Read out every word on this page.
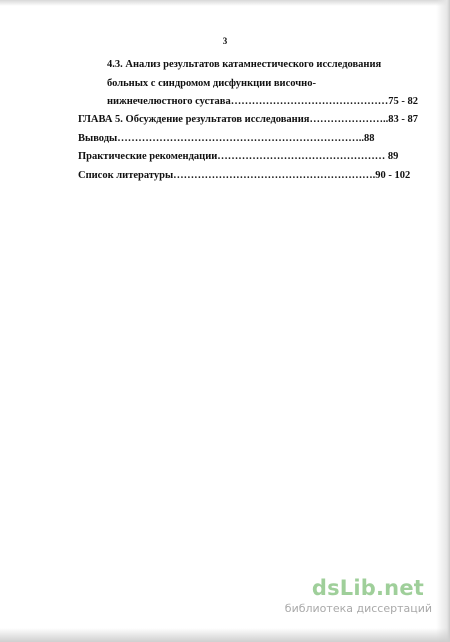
3
4.3. Анализ результатов катамнестического исследования
больных с синдромом дисфункции височно-
нижнечелюстного сустава………………………………………75 - 82
ГЛАВА 5. Обсуждение результатов исследования…………………..83 - 87
Выводы……………………………………………………………..88
Практические рекомендации………………………………………… 89
Список литературы………………………………………………….90 - 102
dsLib.net
библиотека диссертаций
